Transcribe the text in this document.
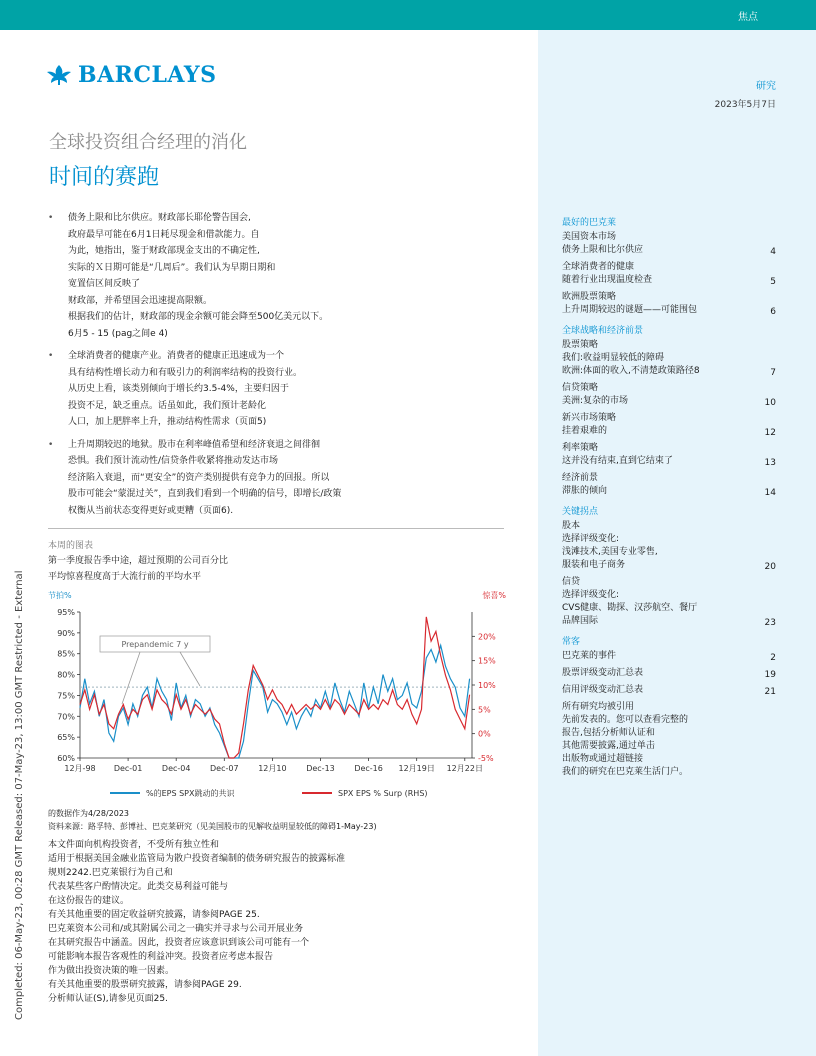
焦点
BARCLAYS	研究
2023年5月7日
全球投资组合经理的消化
时间的赛跑
• 债务上限和比尔供应。财政部长耶伦警告国会,
政府最早可能在6月1日耗尽现金和借款能力。自
为此，她指出，鉴于财政部现金支出的不确定性,
实际的Ｘ日期可能是“几周后”。我们认为早期日期和
宽置信区间反映了
财政部，并希望国会迅速提高限额。
根据我们的估计，财政部的现金余额可能会降至500亿美元以下。
6月5 - 15 (pag之间e 4)
• 全球消费者的健康产业。消费者的健康正迅速成为一个
具有结构性增长动力和有吸引力的利润率结构的投资行业。
从历史上看，该类别倾向于增长约3.5-4%，主要归因于
投资不足，缺乏重点。话虽如此，我们预计老龄化
人口，加上肥胖率上升，推动结构性需求（页面5)
• 上升周期较迟的地狱。股市在利率峰值希望和经济衰退之间徘徊
恐惧。我们预计流动性/信贷条件收紧将推动发达市场
经济陷入衰退，而“更安全”的资产类别提供有竞争力的回报。所以
股市可能会“蒙混过关”，直到我们看到一个明确的信号，即增长/政策
权衡从当前状态变得更好或更糟（页面6).
本周的图表
第一季度报告季中途，超过预期的公司百分比
平均惊喜程度高于大流行前的平均水平
节拍%	惊喜%
95%
90%
85%
80%
75%
70%
65%
60%
20%
15%
10%
5%
0%
-5%
12月-98 Dec-01 Dec-04 Dec-07 12月10 Dec-13 Dec-16 12月19日 12月22日
Prepandemic 7 y
%的EPS SPX跳动的共识	SPX EPS % Surp (RHS)
的数据作为4/28/2023
资料来源：路孚特、彭博社、巴克莱研究（见美国股市的见解收益明显较低的障碍1-May-23)
本文件面向机构投资者，不受所有独立性和
适用于根据美国金融业监管局为散户投资者编制的债务研究报告的披露标准
规则2242.巴克莱银行为自己和
代表某些客户酌情决定。此类交易利益可能与
在这份报告的建议。
有关其他重要的固定收益研究披露，请参阅PAGE 25.
巴克莱资本公司和/或其附属公司之一确实并寻求与公司开展业务
在其研究报告中涵盖。因此，投资者应该意识到该公司可能有一个
可能影响本报告客观性的利益冲突。投资者应考虑本报告
作为做出投资决策的唯一因素。
有关其他重要的股票研究披露，请参阅PAGE 29.
分析师认证(S),请参见页面25.
Completed: 06-May-23, 00:28 GMT Released: 07-May-23, 13:00 GMT Restricted - External
最好的巴克莱
美国资本市场
债务上限和比尔供应	4
全球消费者的健康
随着行业出现温度检查	5
欧洲股票策略
上升周期较迟的谜题——可能围包	6
全球战略和经济前景
股票策略
我们:收益明显较低的障碍
欧洲:体面的收入,不清楚政策路径8	7
信贷策略
美洲:复杂的市场	10
新兴市场策略
挂着艰难的	12
利率策略
这并没有结束,直到它结束了	13
经济前景
滞胀的倾向	14
关键拐点
股本
选择评级变化:
浅滩技术,美国专业零售,
服装和电子商务	20
信贷
选择评级变化:
CVS健康、勘探、汉莎航空、餐厅
品牌国际	23
常客
巴克莱的事件	2
股票评级变动汇总表	19
信用评级变动汇总表	21
所有研究均被引用
先前发表的。您可以查看完整的
报告,包括分析师认证和
其他需要披露,通过单击
出版物或通过超链接
我们的研究在巴克莱生活门户。
